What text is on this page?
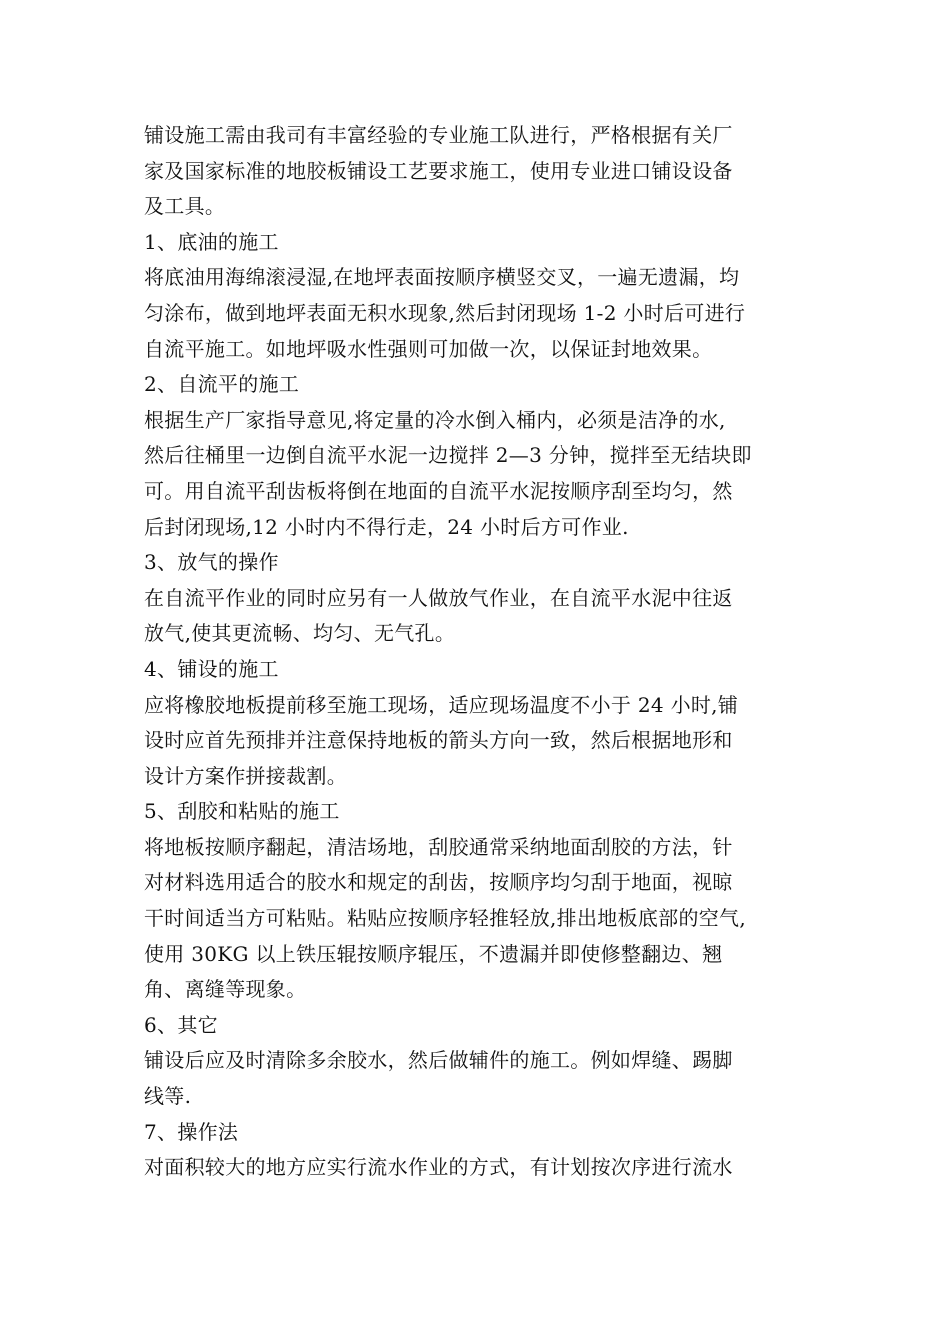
铺设施工需由我司有丰富经验的专业施工队进行，严格根据有关厂
家及国家标准的地胶板铺设工艺要求施工，使用专业进口铺设设备
及工具。
1、底油的施工
将底油用海绵滚浸湿,在地坪表面按顺序横竖交叉，一遍无遗漏，均
匀涂布，做到地坪表面无积水现象,然后封闭现场 1-2 小时后可进行
自流平施工。如地坪吸水性强则可加做一次，以保证封地效果。
2、自流平的施工
根据生产厂家指导意见,将定量的冷水倒入桶内，必须是洁净的水,
然后往桶里一边倒自流平水泥一边搅拌 2—3 分钟，搅拌至无结块即
可。用自流平刮齿板将倒在地面的自流平水泥按顺序刮至均匀，然
后封闭现场,12 小时内不得行走，24 小时后方可作业.
3、放气的操作
在自流平作业的同时应另有一人做放气作业，在自流平水泥中往返
放气,使其更流畅、均匀、无气孔。
4、铺设的施工
应将橡胶地板提前移至施工现场，适应现场温度不小于 24 小时,铺
设时应首先预排并注意保持地板的箭头方向一致，然后根据地形和
设计方案作拼接裁割。
5、刮胶和粘贴的施工
将地板按顺序翻起，清洁场地，刮胶通常采纳地面刮胶的方法，针
对材料选用适合的胶水和规定的刮齿，按顺序均匀刮于地面，视晾
干时间适当方可粘贴。粘贴应按顺序轻推轻放,排出地板底部的空气,
使用 30KG 以上铁压辊按顺序辊压，不遗漏并即使修整翻边、翘
角、离缝等现象。
6、其它
铺设后应及时清除多余胶水，然后做辅件的施工。例如焊缝、踢脚
线等.
7、操作法
对面积较大的地方应实行流水作业的方式，有计划按次序进行流水
